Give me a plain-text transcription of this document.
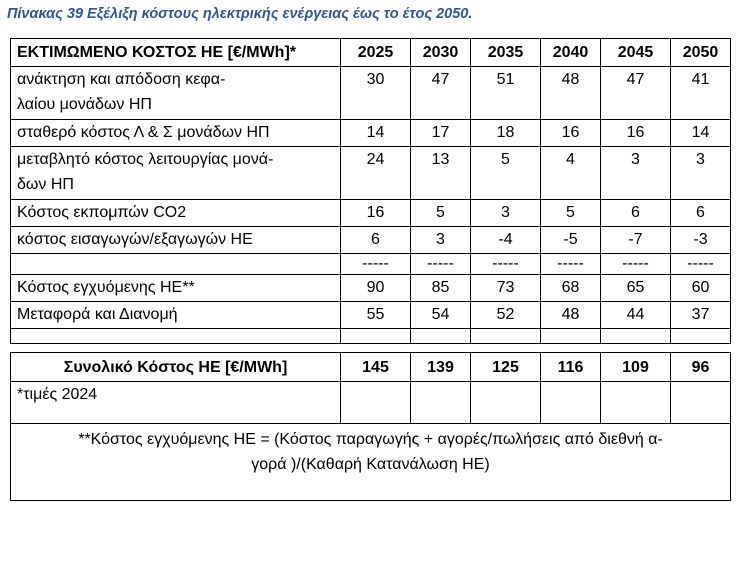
Πίνακας 39 Εξέλιξη κόστους ηλεκτρικής ενέργειας έως το έτος 2050.
ΕΚΤΙΜΩΜΕΝΟ ΚΟΣΤΟΣ ΗΕ [€/MWh]*	2025	2030	2035	2040	2045	2050
ανάκτηση και απόδοση κεφα-
λαίου μονάδων ΗΠ	30	47	51	48	47	41
σταθερό κόστος Λ & Σ μονάδων ΗΠ	14	17	18	16	16	14
μεταβλητό κόστος λειτουργίας μονά-
δων ΗΠ	24	13	5	4	3	3
Κόστος εκπομπών CO2	16	5	3	5	6	6
κόστος εισαγωγών/εξαγωγών ΗΕ	6	3	-4	-5	-7	-3
	-----	-----	-----	-----	-----	-----
Κόστος εγχυόμενης ΗΕ**	90	85	73	68	65	60
Μεταφορά και Διανομή	55	54	52	48	44	37

Συνολικό Κόστος ΗΕ [€/MWh]	145	139	125	116	109	96
*τιμές 2024						
**Κόστος εγχυόμενης ΗΕ = (Κόστος παραγωγής + αγορές/πωλήσεις από διεθνή α-
γορά )/(Καθαρή Κατανάλωση ΗΕ)						
